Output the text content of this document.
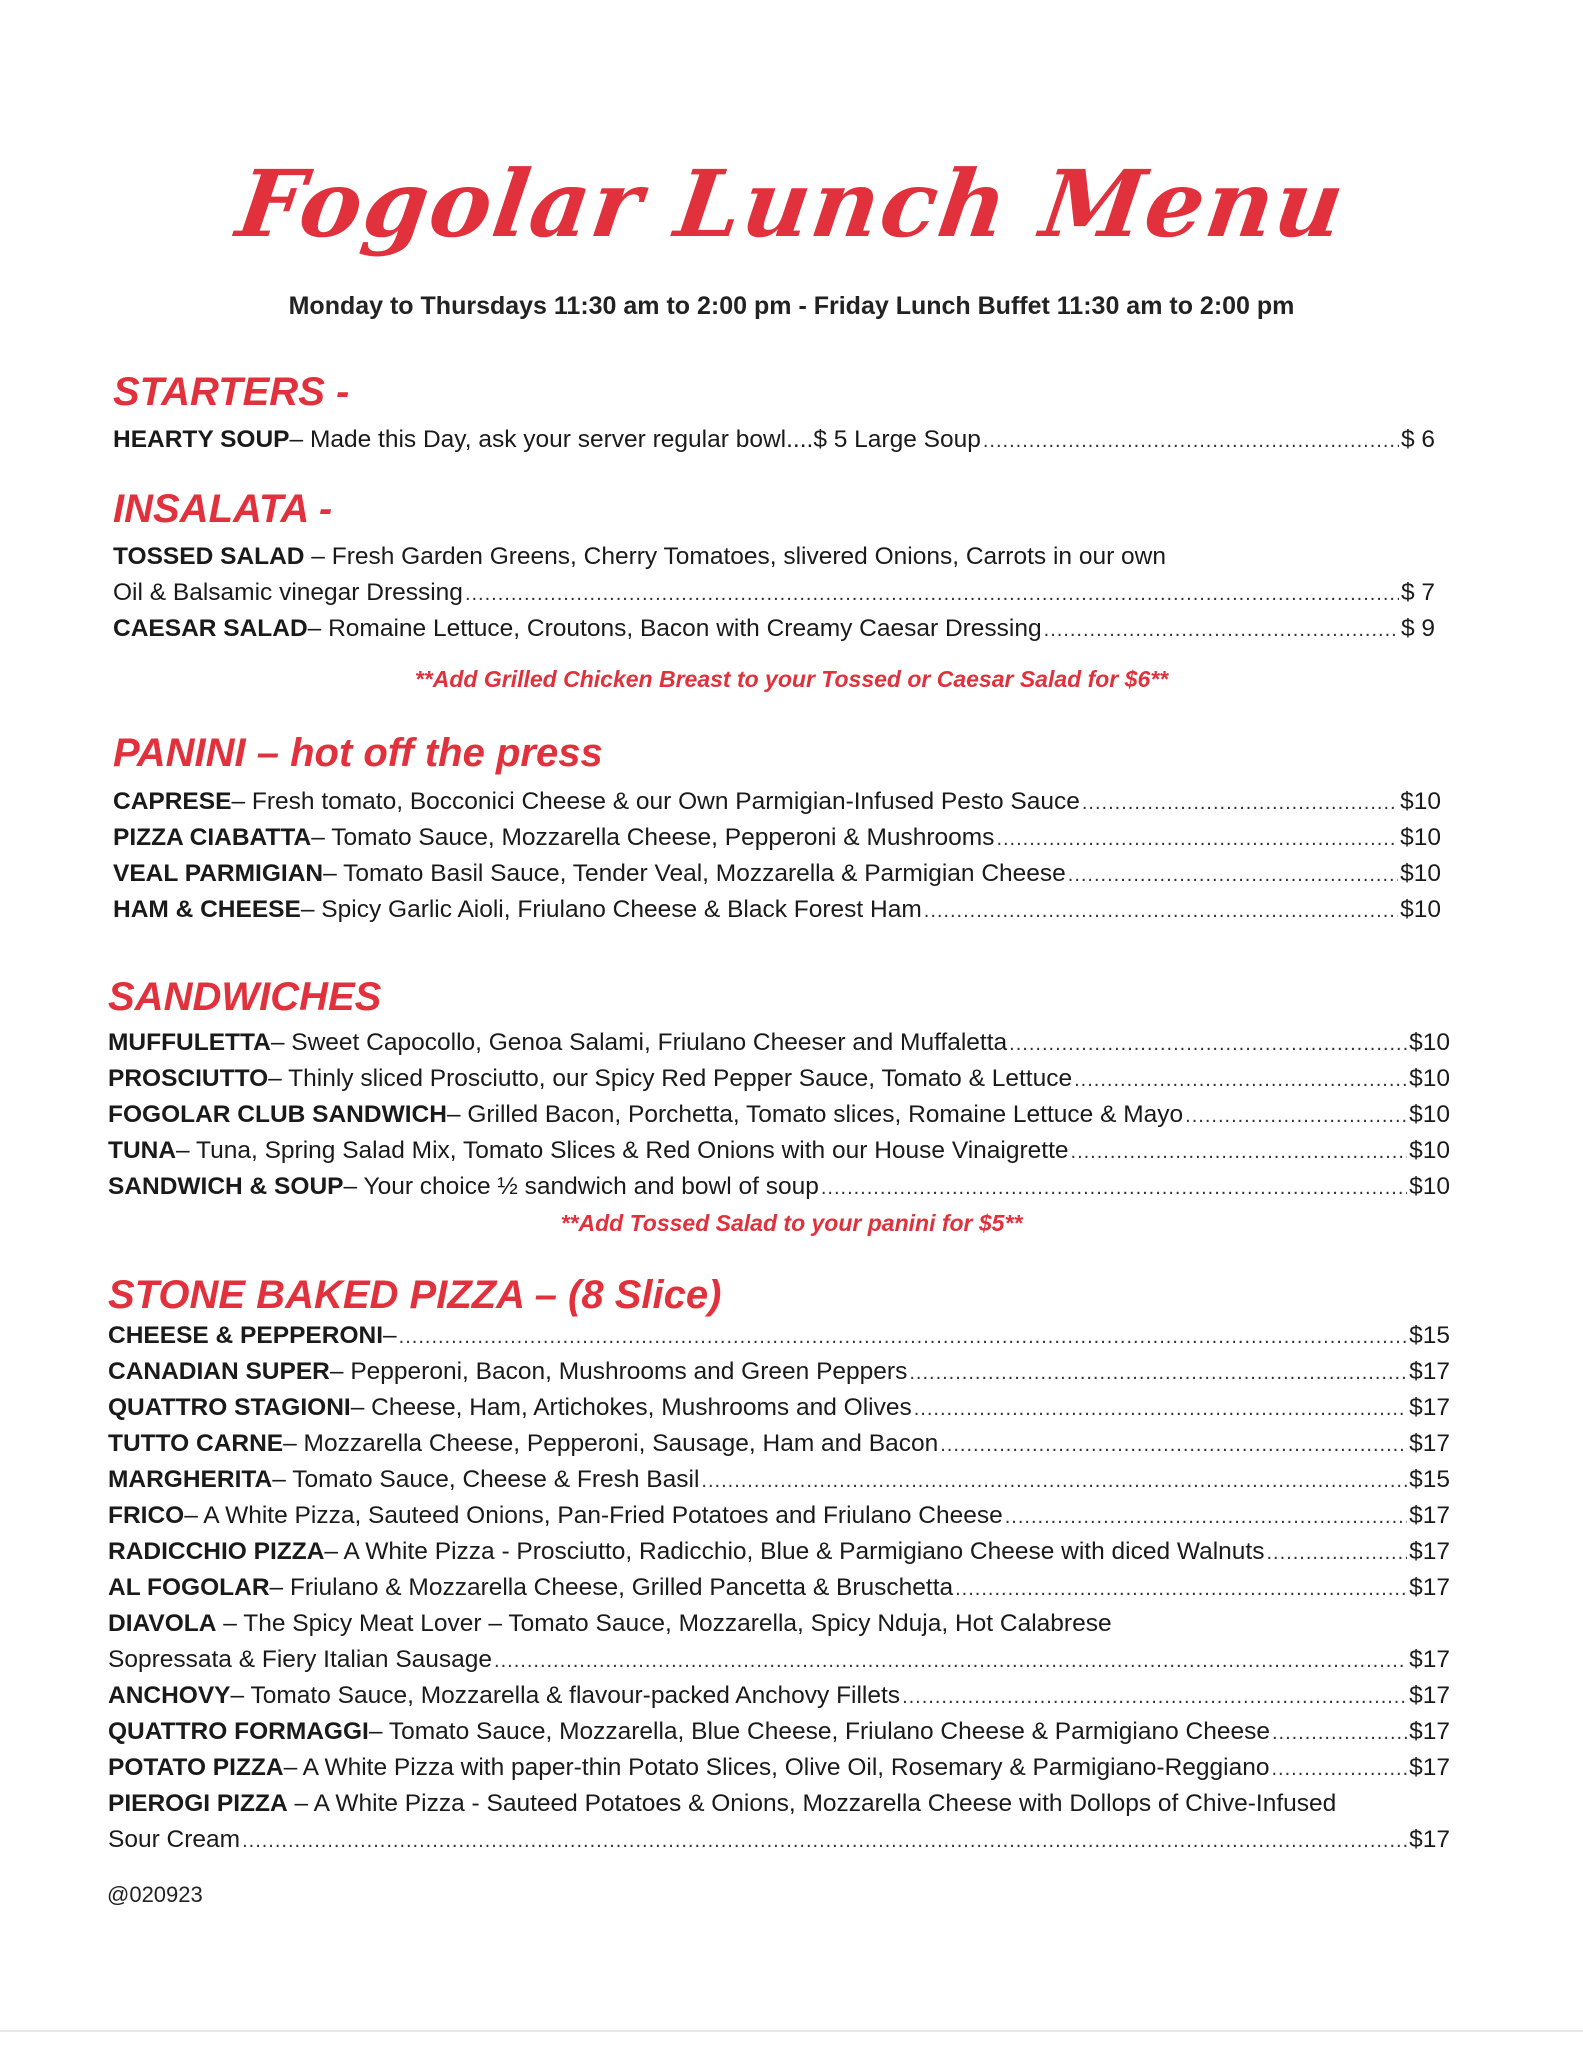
Fogolar Lunch Menu
Monday to Thursdays 11:30 am to 2:00 pm - Friday Lunch Buffet 11:30 am to 2:00 pm
STARTERS -
HEARTY SOUP – Made this Day, ask your server regular bowl....$ 5 Large Soup .....	$ 6
INSALATA -
TOSSED SALAD – Fresh Garden Greens, Cherry Tomatoes, slivered Onions, Carrots in our own
Oil & Balsamic vinegar Dressing .....	$ 7
CAESAR SALAD – Romaine Lettuce, Croutons, Bacon with Creamy Caesar Dressing .....	$ 9
**Add Grilled Chicken Breast to your Tossed or Caesar Salad for $6**
PANINI – hot off the press
CAPRESE – Fresh tomato, Bocconici Cheese & our Own Parmigian-Infused Pesto Sauce .....	$10
PIZZA CIABATTA – Tomato Sauce, Mozzarella Cheese, Pepperoni & Mushrooms .....	$10
VEAL PARMIGIAN – Tomato Basil Sauce, Tender Veal, Mozzarella & Parmigian Cheese .....	$10
HAM & CHEESE – Spicy Garlic Aioli, Friulano Cheese & Black Forest Ham .....	$10
SANDWICHES
MUFFULETTA – Sweet Capocollo, Genoa Salami, Friulano Cheeser and Muffaletta .....	$10
PROSCIUTTO – Thinly sliced Prosciutto, our Spicy Red Pepper Sauce, Tomato & Lettuce .....	$10
FOGOLAR CLUB SANDWICH – Grilled Bacon, Porchetta, Tomato slices, Romaine Lettuce & Mayo .....	$10
TUNA – Tuna, Spring Salad Mix, Tomato Slices & Red Onions with our House Vinaigrette .....	$10
SANDWICH & SOUP – Your choice ½ sandwich and bowl of soup .....	$10
**Add Tossed Salad to your panini for $5**
STONE BAKED PIZZA – (8 Slice)
CHEESE & PEPPERONI – .....	$15
CANADIAN SUPER – Pepperoni, Bacon, Mushrooms and Green Peppers .....	$17
QUATTRO STAGIONI – Cheese, Ham, Artichokes, Mushrooms and Olives .....	$17
TUTTO CARNE – Mozzarella Cheese, Pepperoni, Sausage, Ham and Bacon .....	$17
MARGHERITA – Tomato Sauce, Cheese & Fresh Basil .....	$15
FRICO – A White Pizza, Sauteed Onions, Pan-Fried Potatoes and Friulano Cheese .....	$17
RADICCHIO PIZZA – A White Pizza - Prosciutto, Radicchio, Blue & Parmigiano Cheese with diced Walnuts .....	$17
AL FOGOLAR – Friulano & Mozzarella Cheese, Grilled Pancetta & Bruschetta .....	$17
DIAVOLA – The Spicy Meat Lover – Tomato Sauce, Mozzarella, Spicy Nduja, Hot Calabrese
Sopressata & Fiery Italian Sausage .....	$17
ANCHOVY – Tomato Sauce, Mozzarella & flavour-packed Anchovy Fillets .....	$17
QUATTRO FORMAGGI – Tomato Sauce, Mozzarella, Blue Cheese, Friulano Cheese & Parmigiano Cheese .....	$17
POTATO PIZZA – A White Pizza with paper-thin Potato Slices, Olive Oil, Rosemary & Parmigiano-Reggiano .....	$17
PIEROGI PIZZA – A White Pizza - Sauteed Potatoes & Onions, Mozzarella Cheese with Dollops of Chive-Infused
Sour Cream .....	$17
@020923
